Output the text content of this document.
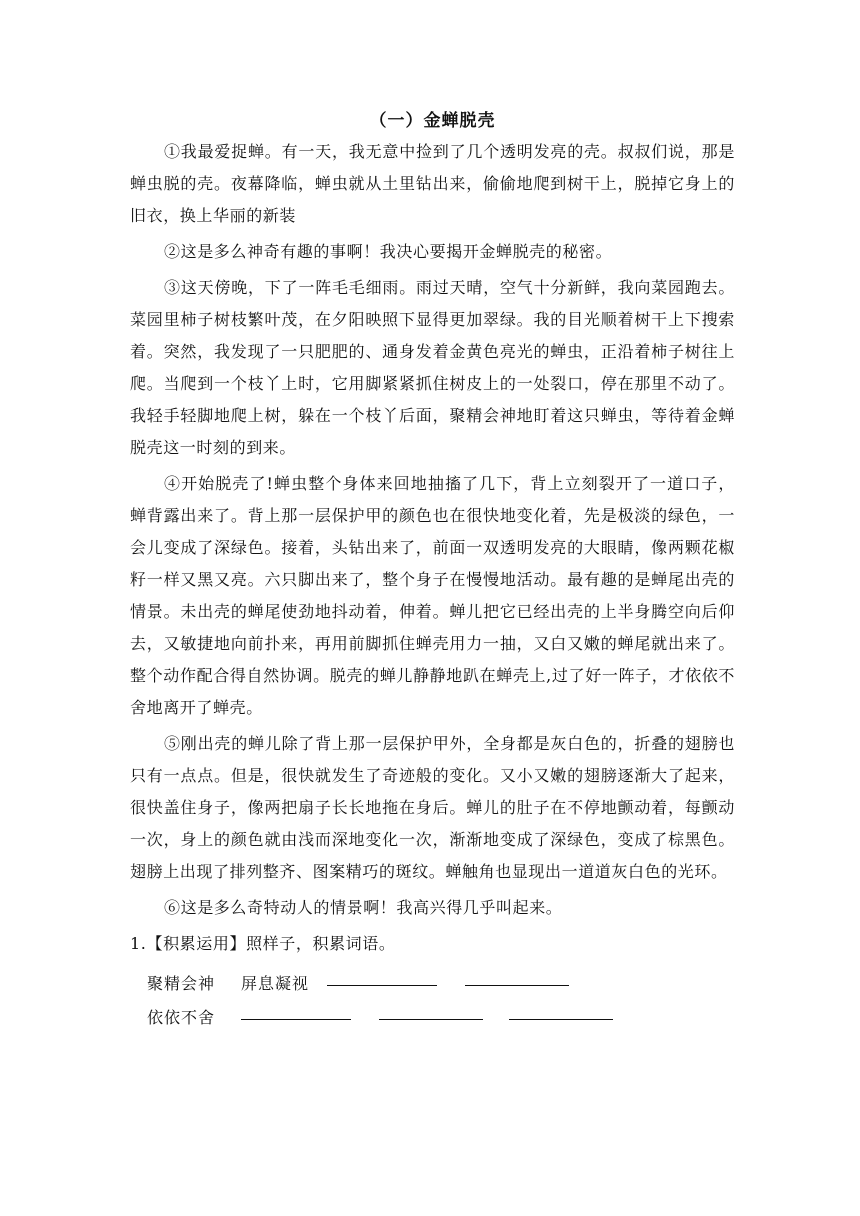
（一）金蝉脱壳

①我最爱捉蝉。有一天，我无意中捡到了几个透明发亮的壳。叔叔们说，那是蝉虫脱的壳。夜幕降临，蝉虫就从土里钻出来，偷偷地爬到树干上，脱掉它身上的旧衣，换上华丽的新装

②这是多么神奇有趣的事啊！我决心要揭开金蝉脱壳的秘密。

③这天傍晚，下了一阵毛毛细雨。雨过天晴，空气十分新鲜，我向菜园跑去。菜园里柿子树枝繁叶茂，在夕阳映照下显得更加翠绿。我的目光顺着树干上下搜索着。突然，我发现了一只肥肥的、通身发着金黄色亮光的蝉虫，正沿着柿子树往上爬。当爬到一个枝丫上时，它用脚紧紧抓住树皮上的一处裂口，停在那里不动了。我轻手轻脚地爬上树，躲在一个枝丫后面，聚精会神地盯着这只蝉虫，等待着金蝉脱壳这一时刻的到来。

④开始脱壳了!蝉虫整个身体来回地抽搐了几下，背上立刻裂开了一道口子，蝉背露出来了。背上那一层保护甲的颜色也在很快地变化着，先是极淡的绿色，一会儿变成了深绿色。接着，头钻出来了，前面一双透明发亮的大眼睛，像两颗花椒籽一样又黑又亮。六只脚出来了，整个身子在慢慢地活动。最有趣的是蝉尾出壳的情景。未出壳的蝉尾使劲地抖动着，伸着。蝉儿把它已经出壳的上半身腾空向后仰去，又敏捷地向前扑来，再用前脚抓住蝉壳用力一抽，又白又嫩的蝉尾就出来了。整个动作配合得自然协调。脱壳的蝉儿静静地趴在蝉壳上,过了好一阵子，才依依不舍地离开了蝉壳。

⑤刚出壳的蝉儿除了背上那一层保护甲外，全身都是灰白色的，折叠的翅膀也只有一点点。但是，很快就发生了奇迹般的变化。又小又嫩的翅膀逐渐大了起来，很快盖住身子，像两把扇子长长地拖在身后。蝉儿的肚子在不停地颤动着，每颤动一次，身上的颜色就由浅而深地变化一次，渐渐地变成了深绿色，变成了棕黑色。翅膀上出现了排列整齐、图案精巧的斑纹。蝉触角也显现出一道道灰白色的光环。

⑥这是多么奇特动人的情景啊！我高兴得几乎叫起来。

1.【积累运用】照样子，积累词语。

聚精会神 屏息凝视
依依不舍
